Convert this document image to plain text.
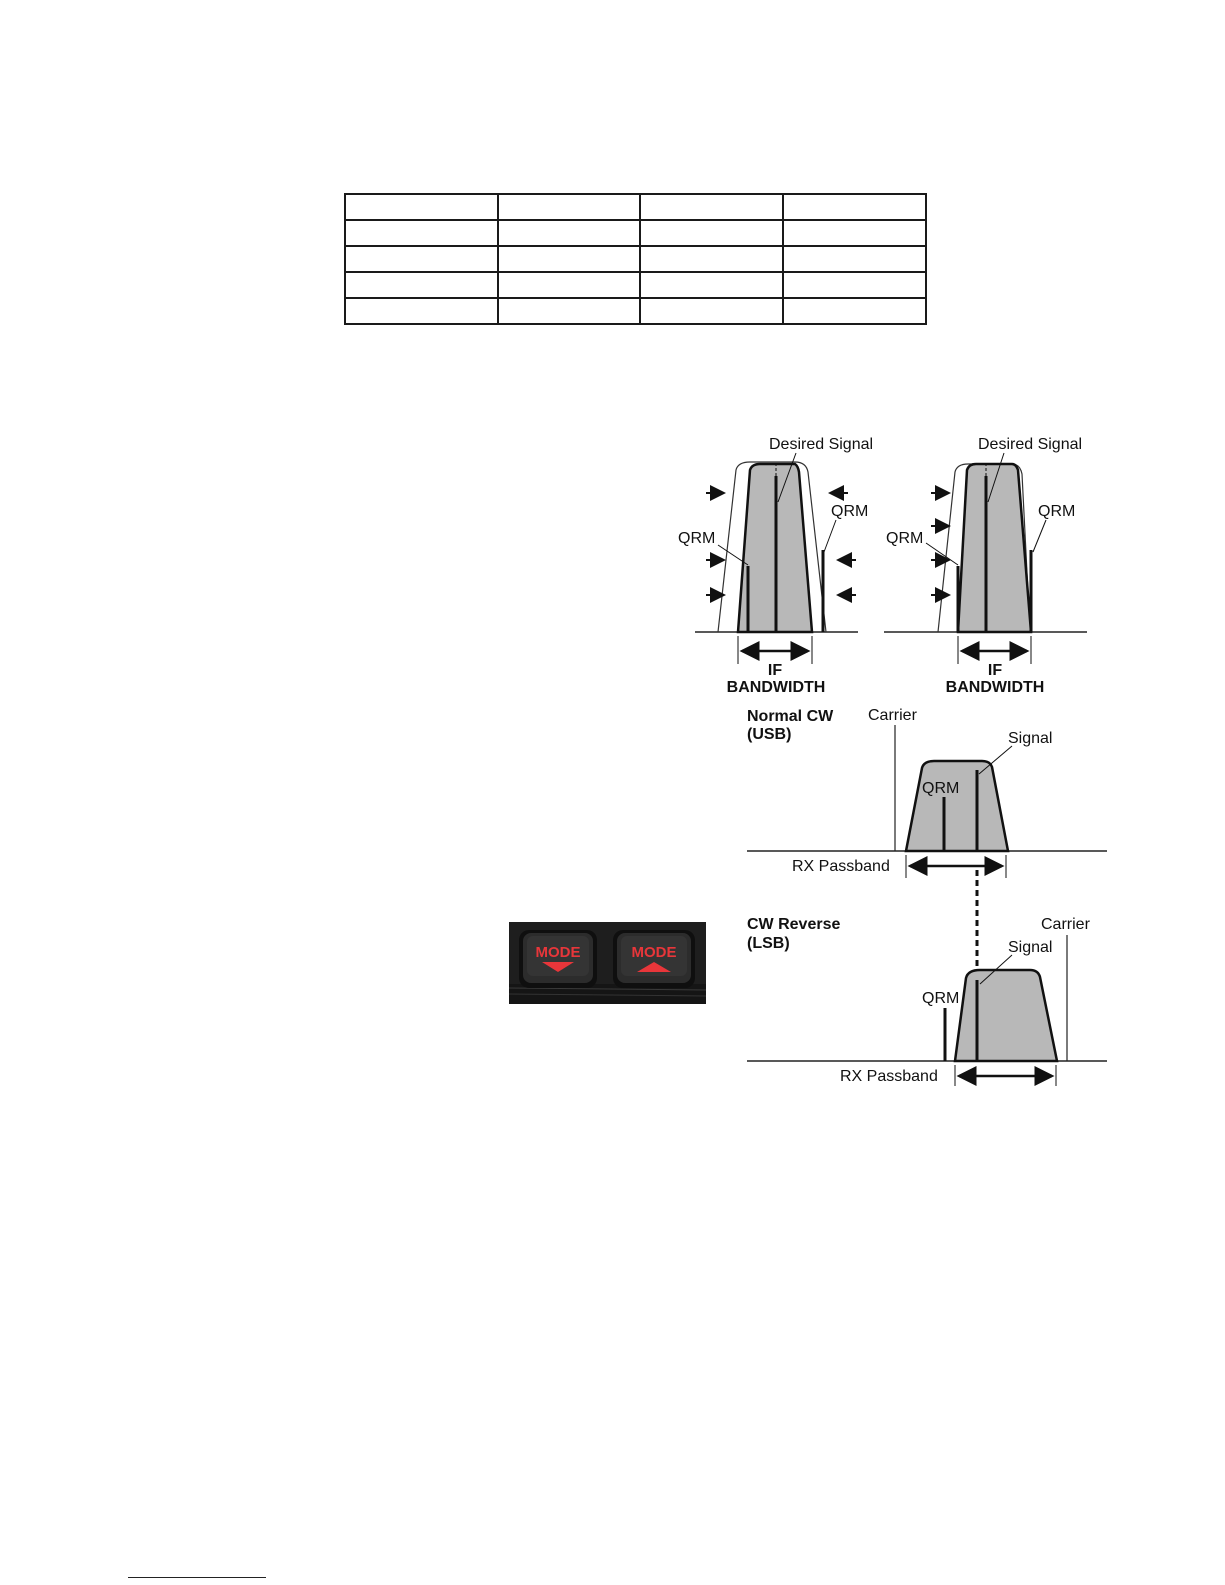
Desired Signal
QRM
QRM
IF
BANDWIDTH
Desired Signal
QRM
QRM
IF
BANDWIDTH
Normal CW
(USB)
Carrier
QRM
Signal
RX Passband
CW Reverse
(LSB)
Carrier
QRM
Signal
RX Passband
MODE	MODE
